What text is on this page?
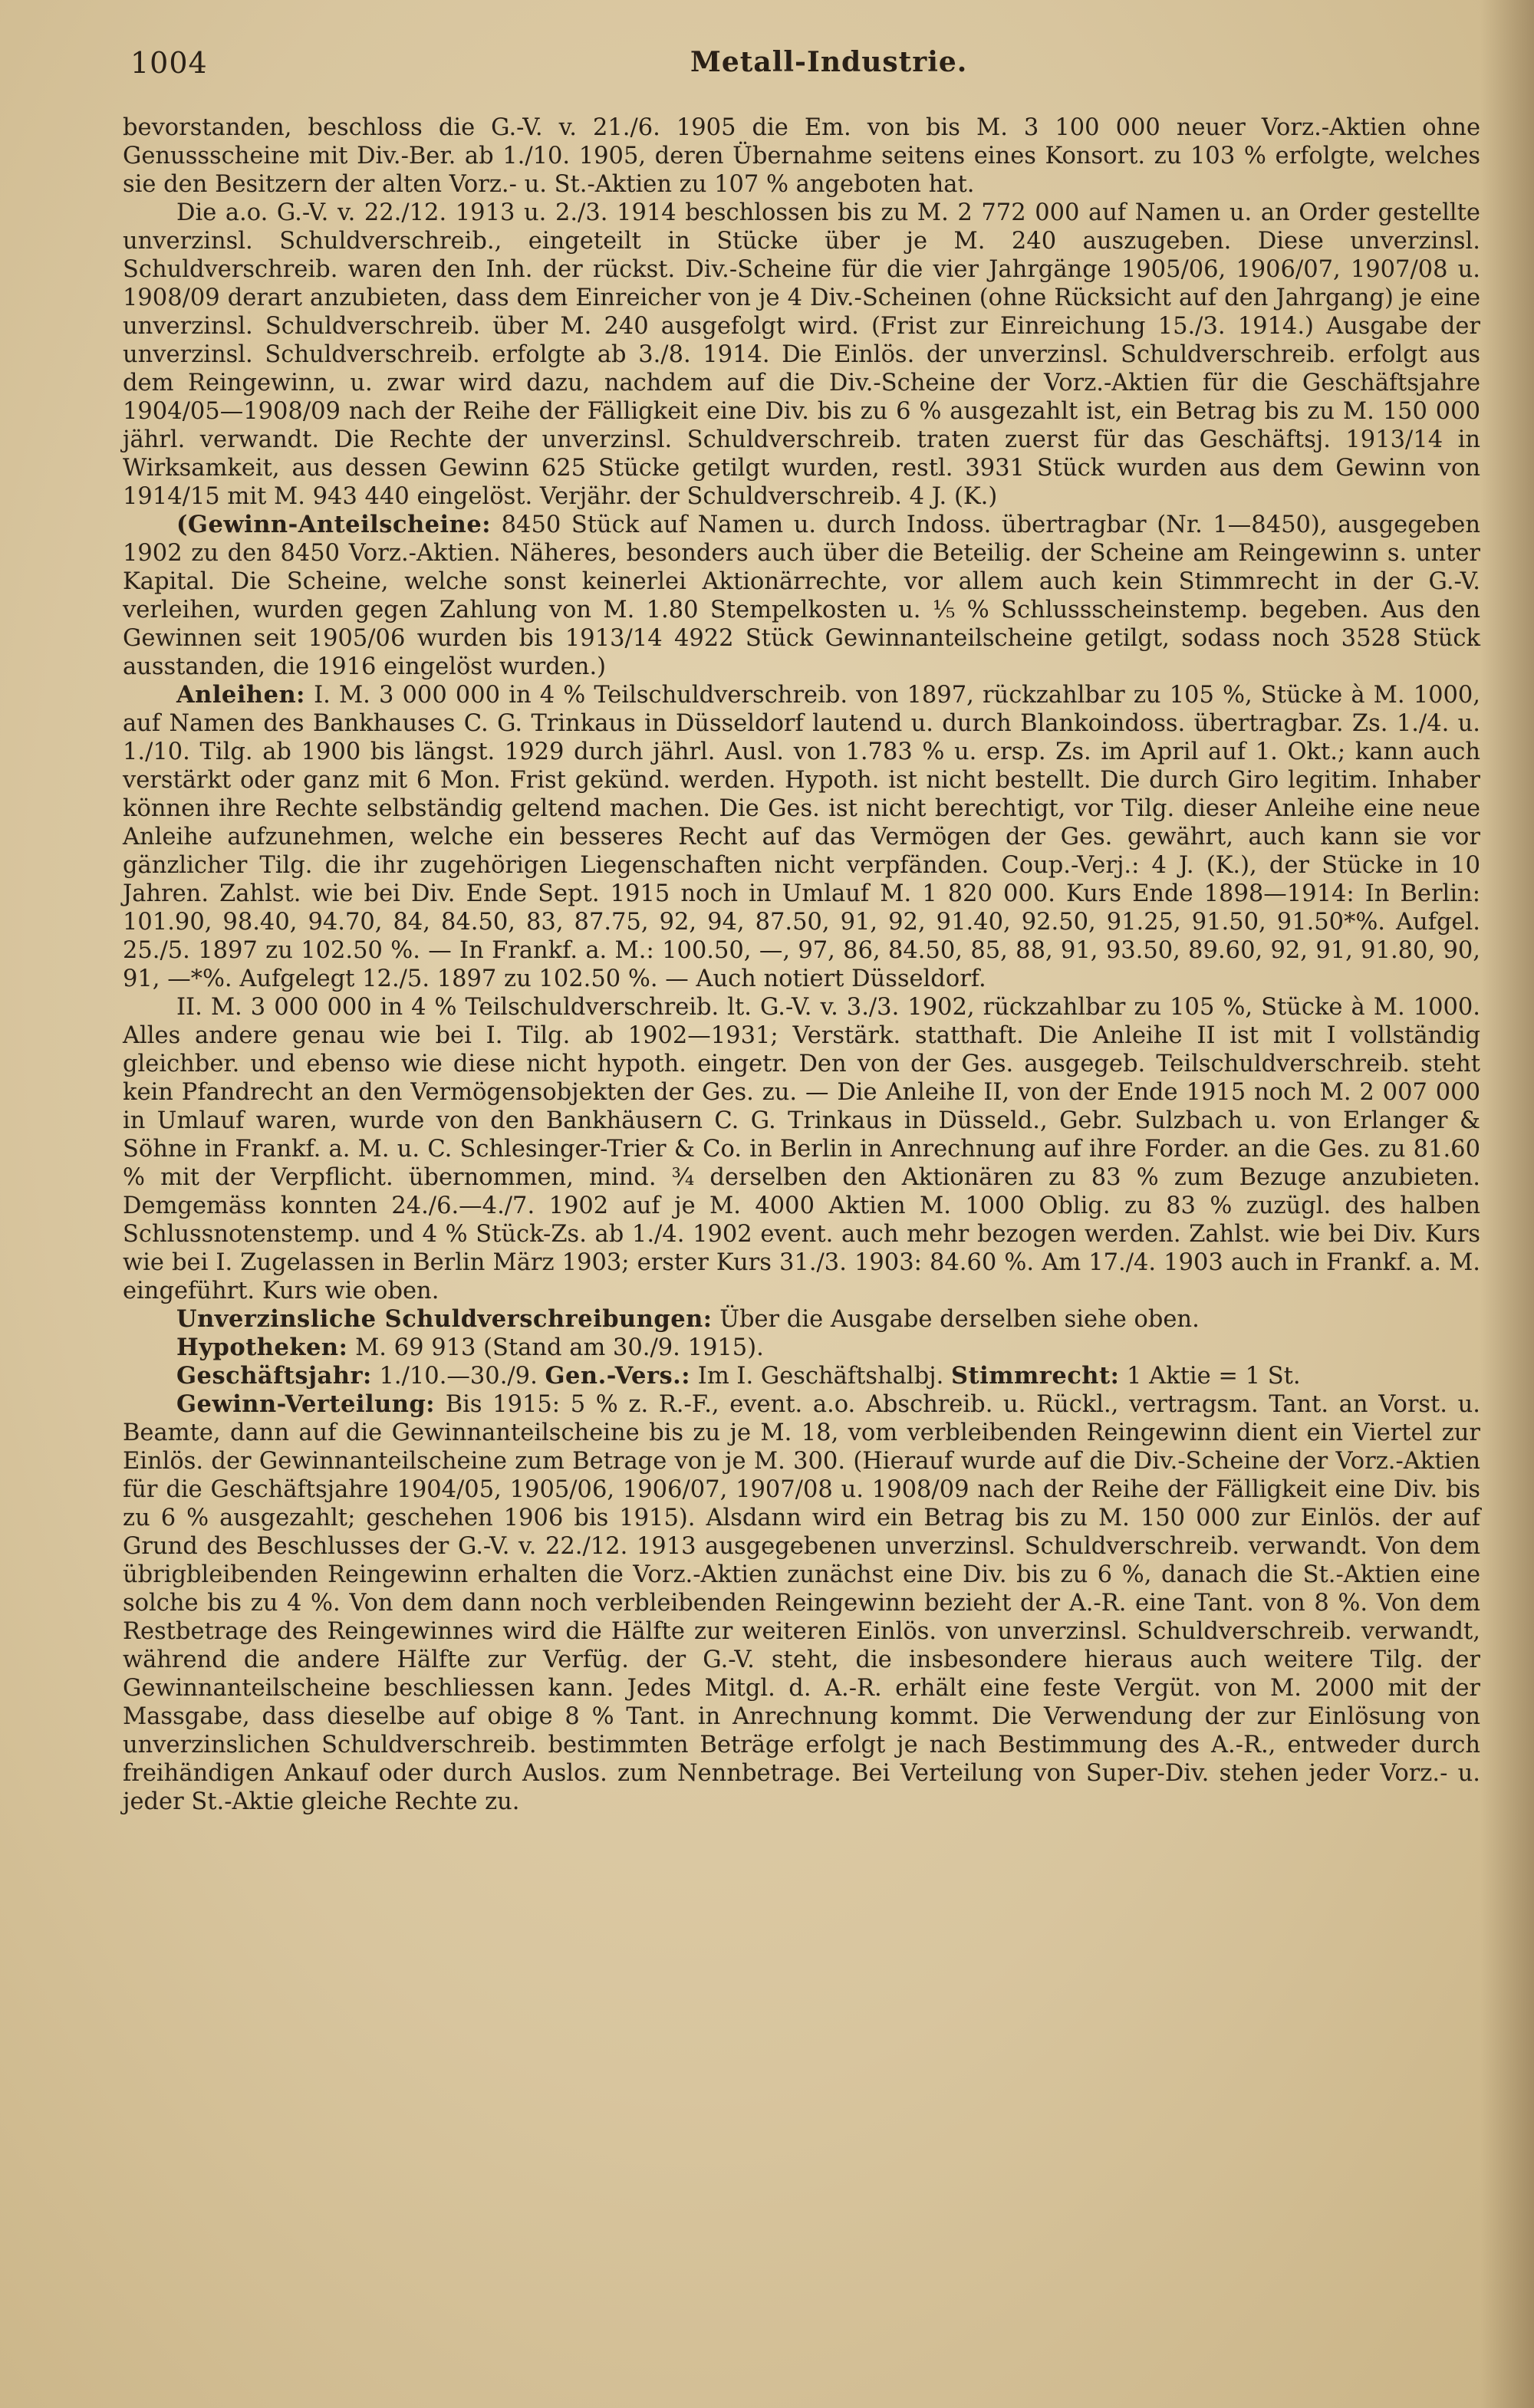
1004	Metall-Industrie.

bevorstanden, beschloss die G.-V. v. 21./6. 1905 die Em. von bis M. 3 100 000 neuer Vorz.-Aktien ohne Genussscheine mit Div.-Ber. ab 1./10. 1905, deren Übernahme seitens eines Konsort. zu 103 % erfolgte, welches sie den Besitzern der alten Vorz.- u. St.-Aktien zu 107 % angeboten hat.

Die a.o. G.-V. v. 22./12. 1913 u. 2./3. 1914 beschlossen bis zu M. 2 772 000 auf Namen u. an Order gestellte unverzinsl. Schuldverschreib., eingeteilt in Stücke über je M. 240 auszugeben. Diese unverzinsl. Schuldverschreib. waren den Inh. der rückst. Div.-Scheine für die vier Jahrgänge 1905/06, 1906/07, 1907/08 u. 1908/09 derart anzubieten, dass dem Einreicher von je 4 Div.-Scheinen (ohne Rücksicht auf den Jahrgang) je eine unverzinsl. Schuldverschreib. über M. 240 ausgefolgt wird. (Frist zur Einreichung 15./3. 1914.) Ausgabe der unverzinsl. Schuldverschreib. erfolgte ab 3./8. 1914. Die Einlös. der unverzinsl. Schuldverschreib. erfolgt aus dem Reingewinn, u. zwar wird dazu, nachdem auf die Div.-Scheine der Vorz.-Aktien für die Geschäftsjahre 1904/05—1908/09 nach der Reihe der Fälligkeit eine Div. bis zu 6 % ausgezahlt ist, ein Betrag bis zu M. 150 000 jährl. verwandt. Die Rechte der unverzinsl. Schuldverschreib. traten zuerst für das Geschäftsj. 1913/14 in Wirksamkeit, aus dessen Gewinn 625 Stücke getilgt wurden, restl. 3931 Stück wurden aus dem Gewinn von 1914/15 mit M. 943 440 eingelöst. Verjähr. der Schuldverschreib. 4 J. (K.)

(Gewinn-Anteilscheine: 8450 Stück auf Namen u. durch Indoss. übertragbar (Nr. 1—8450), ausgegeben 1902 zu den 8450 Vorz.-Aktien. Näheres, besonders auch über die Beteilig. der Scheine am Reingewinn s. unter Kapital. Die Scheine, welche sonst keinerlei Aktionärrechte, vor allem auch kein Stimmrecht in der G.-V. verleihen, wurden gegen Zahlung von M. 1.80 Stempelkosten u. ⅕ % Schlussscheinstemp. begeben. Aus den Gewinnen seit 1905/06 wurden bis 1913/14 4922 Stück Gewinnanteilscheine getilgt, sodass noch 3528 Stück ausstanden, die 1916 eingelöst wurden.)

Anleihen: I. M. 3 000 000 in 4 % Teilschuldverschreib. von 1897, rückzahlbar zu 105 %, Stücke à M. 1000, auf Namen des Bankhauses C. G. Trinkaus in Düsseldorf lautend u. durch Blankoindoss. übertragbar. Zs. 1./4. u. 1./10. Tilg. ab 1900 bis längst. 1929 durch jährl. Ausl. von 1.783 % u. ersp. Zs. im April auf 1. Okt.; kann auch verstärkt oder ganz mit 6 Mon. Frist gekünd. werden. Hypoth. ist nicht bestellt. Die durch Giro legitim. Inhaber können ihre Rechte selbständig geltend machen. Die Ges. ist nicht berechtigt, vor Tilg. dieser Anleihe eine neue Anleihe aufzunehmen, welche ein besseres Recht auf das Vermögen der Ges. gewährt, auch kann sie vor gänzlicher Tilg. die ihr zugehörigen Liegenschaften nicht verpfänden. Coup.-Verj.: 4 J. (K.), der Stücke in 10 Jahren. Zahlst. wie bei Div. Ende Sept. 1915 noch in Umlauf M. 1 820 000. Kurs Ende 1898—1914: In Berlin: 101.90, 98.40, 94.70, 84, 84.50, 83, 87.75, 92, 94, 87.50, 91, 92, 91.40, 92.50, 91.25, 91.50, 91.50*%. Aufgel. 25./5. 1897 zu 102.50 %. — In Frankf. a. M.: 100.50, —, 97, 86, 84.50, 85, 88, 91, 93.50, 89.60, 92, 91, 91.80, 90, 91, —*%. Aufgelegt 12./5. 1897 zu 102.50 %. — Auch notiert Düsseldorf.

II. M. 3 000 000 in 4 % Teilschuldverschreib. lt. G.-V. v. 3./3. 1902, rückzahlbar zu 105 %, Stücke à M. 1000. Alles andere genau wie bei I. Tilg. ab 1902—1931; Verstärk. statthaft. Die Anleihe II ist mit I vollständig gleichber. und ebenso wie diese nicht hypoth. eingetr. Den von der Ges. ausgegeb. Teilschuldverschreib. steht kein Pfandrecht an den Vermögensobjekten der Ges. zu. — Die Anleihe II, von der Ende 1915 noch M. 2 007 000 in Umlauf waren, wurde von den Bankhäusern C. G. Trinkaus in Düsseld., Gebr. Sulzbach u. von Erlanger & Söhne in Frankf. a. M. u. C. Schlesinger-Trier & Co. in Berlin in Anrechnung auf ihre Forder. an die Ges. zu 81.60 % mit der Verpflicht. übernommen, mind. ¾ derselben den Aktionären zu 83 % zum Bezuge anzubieten. Demgemäss konnten 24./6.—4./7. 1902 auf je M. 4000 Aktien M. 1000 Oblig. zu 83 % zuzügl. des halben Schlussnotenstemp. und 4 % Stück-Zs. ab 1./4. 1902 event. auch mehr bezogen werden. Zahlst. wie bei Div. Kurs wie bei I. Zugelassen in Berlin März 1903; erster Kurs 31./3. 1903: 84.60 %. Am 17./4. 1903 auch in Frankf. a. M. eingeführt. Kurs wie oben.

Unverzinsliche Schuldverschreibungen: Über die Ausgabe derselben siehe oben.

Hypotheken: M. 69 913 (Stand am 30./9. 1915).

Geschäftsjahr: 1./10.—30./9. Gen.-Vers.: Im I. Geschäftshalbj. Stimmrecht: 1 Aktie = 1 St.

Gewinn-Verteilung: Bis 1915: 5 % z. R.-F., event. a.o. Abschreib. u. Rückl., vertragsm. Tant. an Vorst. u. Beamte, dann auf die Gewinnanteilscheine bis zu je M. 18, vom verbleibenden Reingewinn dient ein Viertel zur Einlös. der Gewinnanteilscheine zum Betrage von je M. 300. (Hierauf wurde auf die Div.-Scheine der Vorz.-Aktien für die Geschäftsjahre 1904/05, 1905/06, 1906/07, 1907/08 u. 1908/09 nach der Reihe der Fälligkeit eine Div. bis zu 6 % ausgezahlt; geschehen 1906 bis 1915). Alsdann wird ein Betrag bis zu M. 150 000 zur Einlös. der auf Grund des Beschlusses der G.-V. v. 22./12. 1913 ausgegebenen unverzinsl. Schuldverschreib. verwandt. Von dem übrigbleibenden Reingewinn erhalten die Vorz.-Aktien zunächst eine Div. bis zu 6 %, danach die St.-Aktien eine solche bis zu 4 %. Von dem dann noch verbleibenden Reingewinn bezieht der A.-R. eine Tant. von 8 %. Von dem Restbetrage des Reingewinnes wird die Hälfte zur weiteren Einlös. von unverzinsl. Schuldverschreib. verwandt, während die andere Hälfte zur Verfüg. der G.-V. steht, die insbesondere hieraus auch weitere Tilg. der Gewinnanteilscheine beschliessen kann. Jedes Mitgl. d. A.-R. erhält eine feste Vergüt. von M. 2000 mit der Massgabe, dass dieselbe auf obige 8 % Tant. in Anrechnung kommt. Die Verwendung der zur Einlösung von unverzinslichen Schuldverschreib. bestimmten Beträge erfolgt je nach Bestimmung des A.-R., entweder durch freihändigen Ankauf oder durch Auslos. zum Nennbetrage. Bei Verteilung von Super-Div. stehen jeder Vorz.- u. jeder St.-Aktie gleiche Rechte zu.
